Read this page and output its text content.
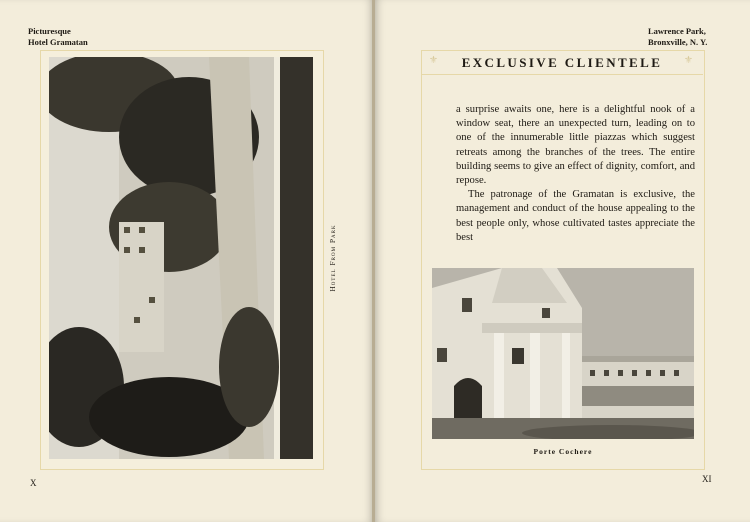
Picturesque
Hotel Gramatan
Hotel From Park
X
Lawrence Park,
Bronxville, N. Y.
⚜	EXCLUSIVE CLIENTELE	⚜

a surprise awaits one, here is a delightful nook of a window seat, there an unexpected turn, leading on to one of the innumerable little piazzas which suggest retreats among the branches of the trees. The entire building seems to give an effect of dignity, comfort, and repose.

The patronage of the Gramatan is exclusive, the management and conduct of the house appealing to the best people only, whose cultivated tastes appreciate the best

Porte Cochere
XI
